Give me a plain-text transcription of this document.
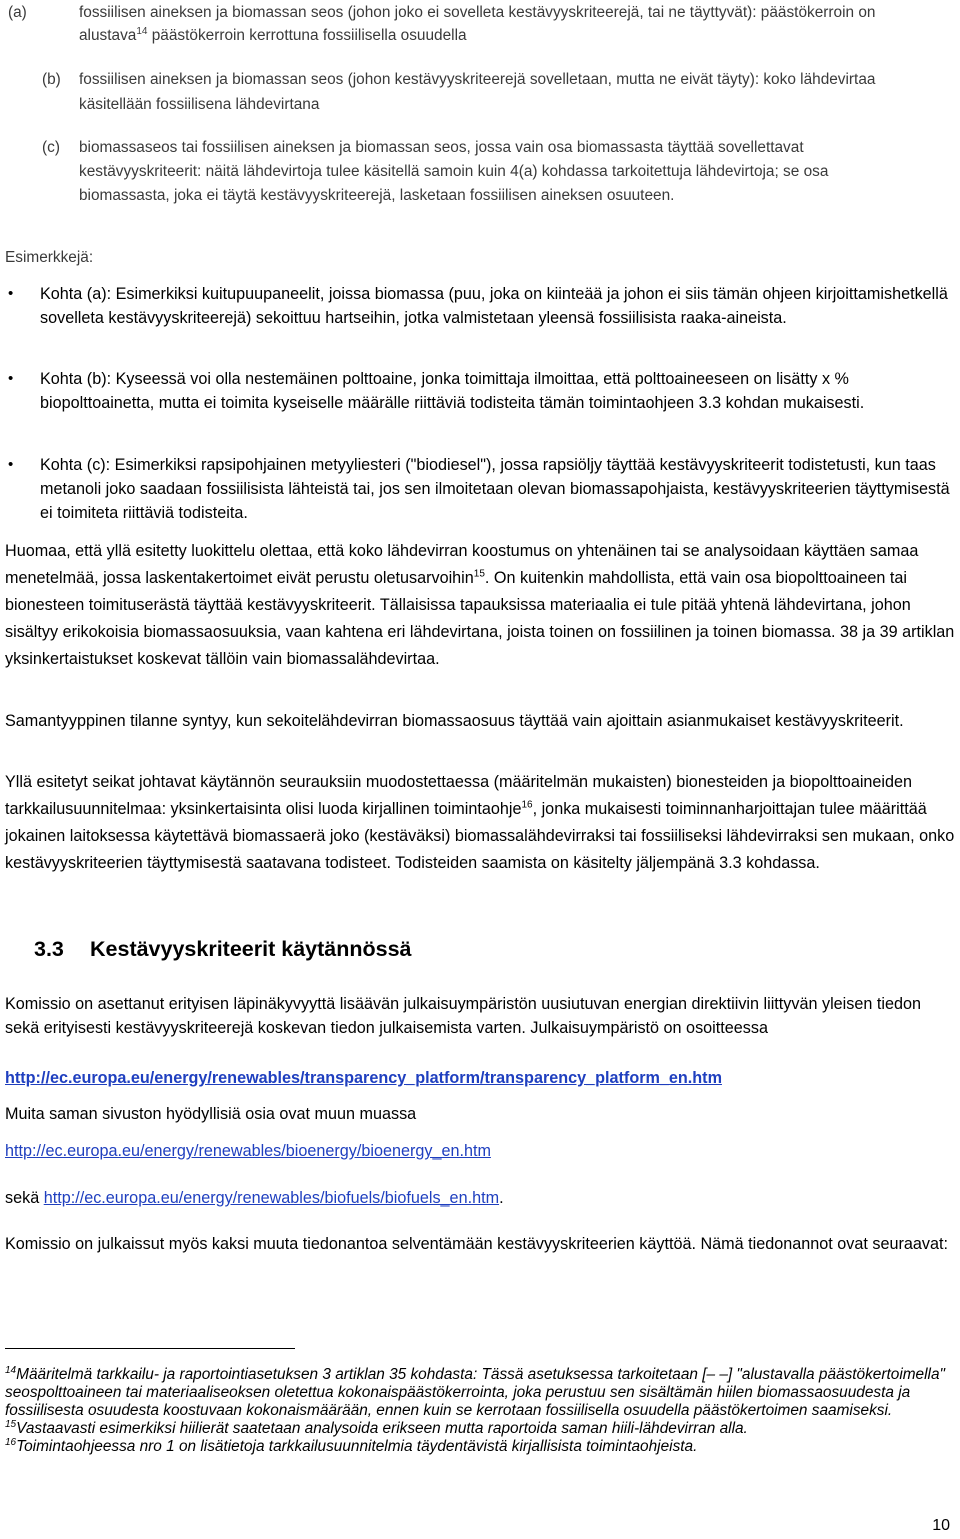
(a)	fossiilisen aineksen ja biomassan seos (johon joko ei sovelleta kestävyyskriteerejä, tai ne täyttyvät): päästökerroin on alustava$^{14}$ päästökerroin kerrottuna fossiilisella osuudella
(b) fossiilisen aineksen ja biomassan seos (johon kestävyyskriteerejä sovelletaan, mutta ne eivät täyty): koko lähdevirtaa käsitellään fossiilisena lähdevirtana
(c) biomassaseos tai fossiilisen aineksen ja biomassan seos, jossa vain osa biomassasta täyttää sovellettavat kestävyyskriteerit: näitä lähdevirtoja tulee käsitellä samoin kuin 4(a) kohdassa tarkoitettuja lähdevirtoja; se osa biomassasta, joka ei täytä kestävyyskriteerejä, lasketaan fossiilisen aineksen osuuteen.
Esimerkkejä:
• Kohta (a): Esimerkiksi kuitupuupaneelit, joissa biomassa (puu, joka on kiinteää ja johon ei siis tämän ohjeen kirjoittamishetkellä sovelleta kestävyyskriteerejä) sekoittuu hartseihin, jotka valmistetaan yleensä fossiilisista raaka-aineista.
• Kohta (b): Kyseessä voi olla nestemäinen polttoaine, jonka toimittaja ilmoittaa, että polttoaineeseen on lisätty x % biopolttoainetta, mutta ei toimita kyseiselle määrälle riittäviä todisteita tämän toimintaohjeen 3.3 kohdan mukaisesti.
• Kohta (c): Esimerkiksi rapsipohjainen metyyliesteri ("biodiesel"), jossa rapsiöljy täyttää kestävyyskriteerit todistetusti, kun taas metanoli joko saadaan fossiilisista lähteistä tai, jos sen ilmoitetaan olevan biomassapohjaista, kestävyyskriteerien täyttymisestä ei toimiteta riittäviä todisteita.
Huomaa, että yllä esitetty luokittelu olettaa, että koko lähdevirran koostumus on yhtenäinen tai se analysoidaan käyttäen samaa menetelmää, jossa laskentakertoimet eivät perustu oletusarvoihin$^{15}$. On kuitenkin mahdollista, että vain osa biopolttoaineen tai bionesteen toimituserästä täyttää kestävyyskriteerit. Tällaisissa tapauksissa materiaalia ei tule pitää yhtenä lähdevirtana, johon sisältyy erikokoisia biomassaosuuksia, vaan kahtena eri lähdevirtana, joista toinen on fossiilinen ja toinen biomassa. 38 ja 39 artiklan yksinkertaistukset koskevat tällöin vain biomassalähdevirtaa.
Samantyyppinen tilanne syntyy, kun sekoitelähdevirran biomassaosuus täyttää vain ajoittain asianmukaiset kestävyyskriteerit.
Yllä esitetyt seikat johtavat käytännön seurauksiin muodostettaessa (määritelmän mukaisten) bionesteiden ja biopolttoaineiden tarkkailusuunnitelmaa: yksinkertaisinta olisi luoda kirjallinen toimintaohje$^{16}$, jonka mukaisesti toiminnanharjoittajan tulee määrittää jokainen laitoksessa käytettävä biomassaerä joko (kestäväksi) biomassalähdevirraksi tai fossiiliseksi lähdevirraksi sen mukaan, onko kestävyyskriteerien täyttymisestä saatavana todisteet. Todisteiden saamista on käsitelty jäljempänä 3.3 kohdassa.
3.3 Kestävyyskriteerit käytännössä
Komissio on asettanut erityisen läpinäkyvyyttä lisäävän julkaisuympäristön uusiutuvan energian direktiivin liittyvän yleisen tiedon sekä erityisesti kestävyyskriteerejä koskevan tiedon julkaisemista varten. Julkaisuympäristö on osoitteessa
http://ec.europa.eu/energy/renewables/transparency_platform/transparency_platform_en.htm
Muita saman sivuston hyödyllisiä osia ovat muun muassa
http://ec.europa.eu/energy/renewables/bioenergy/bioenergy_en.htm
sekä http://ec.europa.eu/energy/renewables/biofuels/biofuels_en.htm.
Komissio on julkaissut myös kaksi muuta tiedonantoa selventämään kestävyyskriteerien käyttöä. Nämä tiedonannot ovat seuraavat:

$^{14}$Määritelmä tarkkailu- ja raportointiasetuksen 3 artiklan 35 kohdasta: Tässä asetuksessa tarkoitetaan [– –] "alustavalla päästökertoimella" seospolttoaineen tai materiaaliseoksen oletettua kokonaispäästökerrointa, joka perustuu sen sisältämän hiilen biomassaosuudesta ja fossiilisesta osuudesta koostuvaan kokonaismäärään, ennen kuin se kerrotaan fossiilisella osuudella päästökertoimen saamiseksi.

$^{15}$Vastaavasti esimerkiksi hiilierät saatetaan analysoida erikseen mutta raportoida saman hiili-lähdevirran alla.

$^{16}$Toimintaohjeessa nro 1 on lisätietoja tarkkailusuunnitelmia täydentävistä kirjallisista toimintaohjeista.

10
